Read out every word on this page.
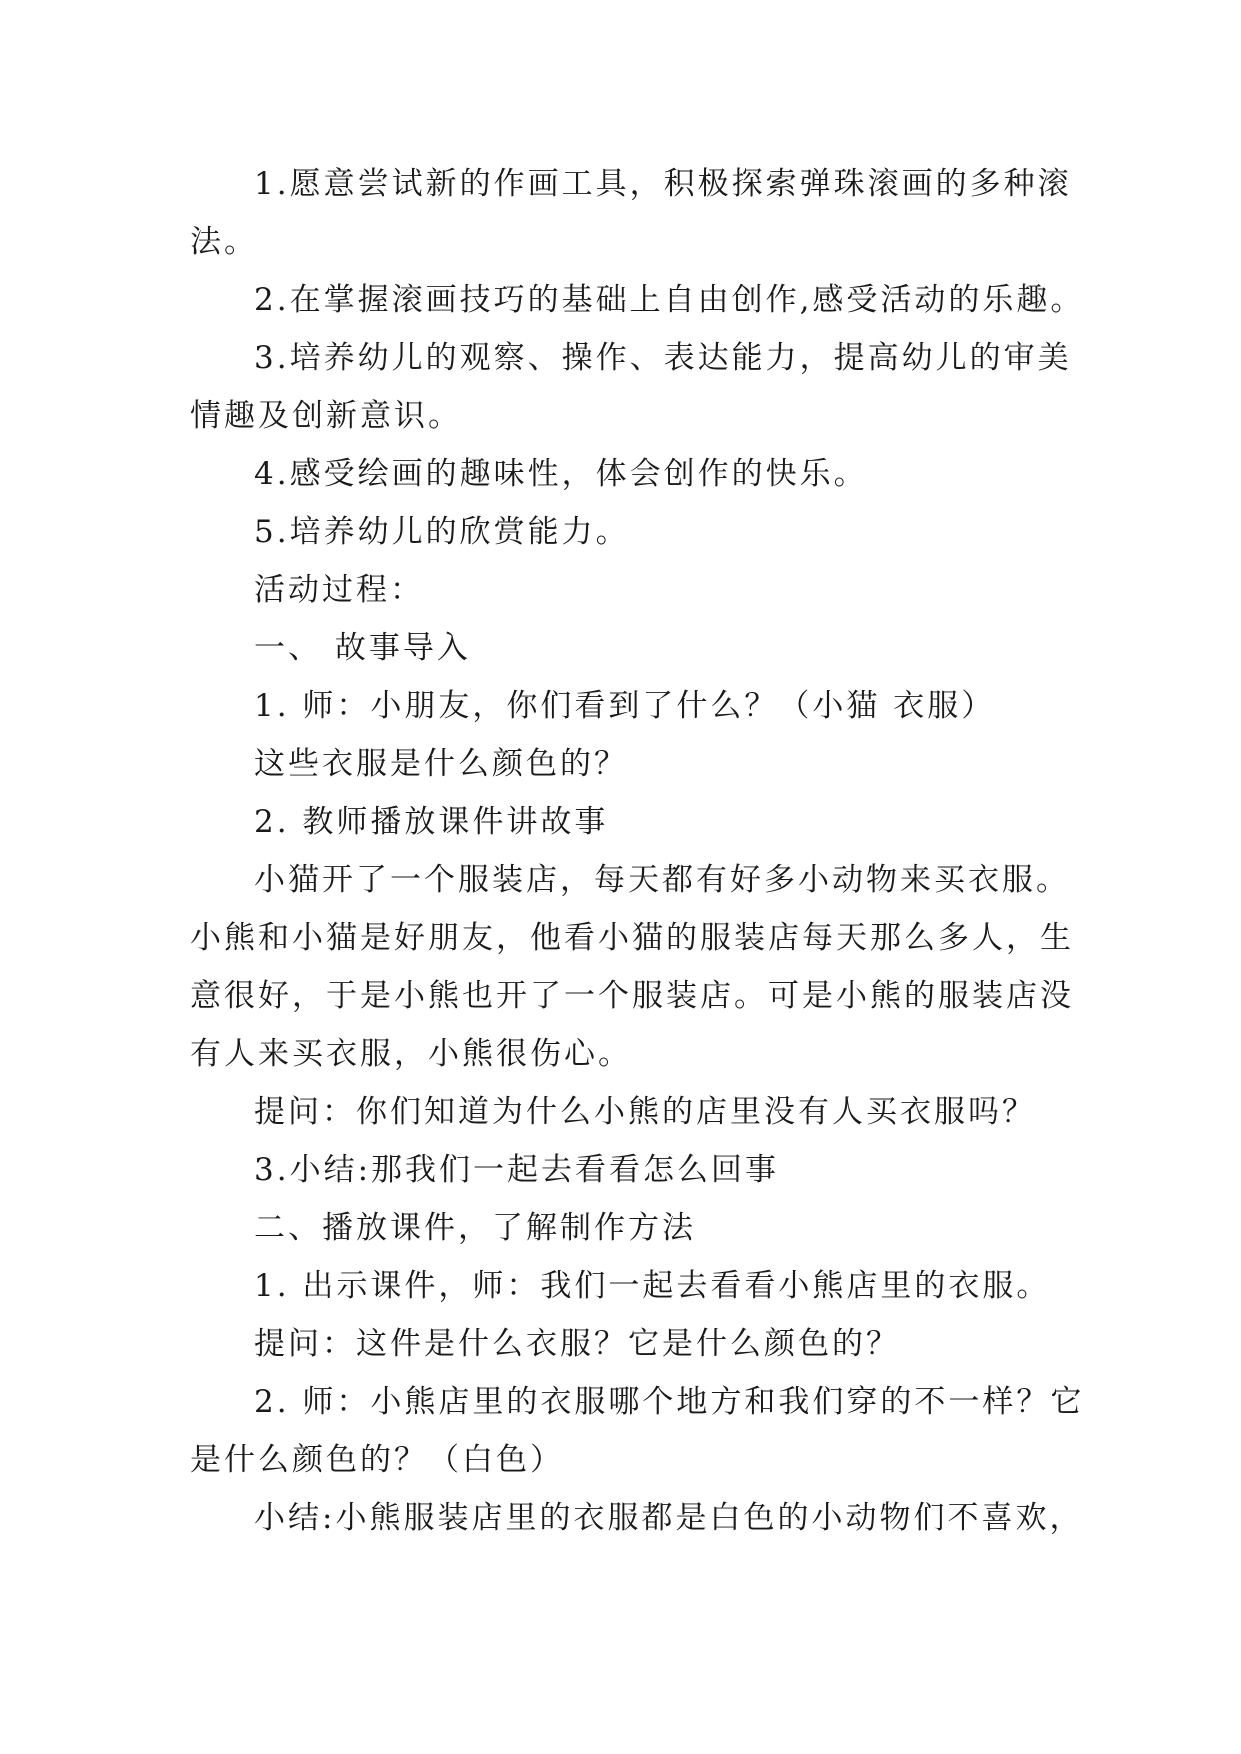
1.愿意尝试新的作画工具，积极探索弹珠滚画的多种滚法。

2.在掌握滚画技巧的基础上自由创作,感受活动的乐趣。

3.培养幼儿的观察、操作、表达能力，提高幼儿的审美情趣及创新意识。

4.感受绘画的趣味性，体会创作的快乐。

5.培养幼儿的欣赏能力。

活动过程：

一、 故事导入

1. 师：小朋友，你们看到了什么？（小猫 衣服）

这些衣服是什么颜色的？

2. 教师播放课件讲故事

小猫开了一个服装店，每天都有好多小动物来买衣服。小熊和小猫是好朋友，他看小猫的服装店每天那么多人，生意很好，于是小熊也开了一个服装店。可是小熊的服装店没有人来买衣服，小熊很伤心。

提问：你们知道为什么小熊的店里没有人买衣服吗？

3.小结:那我们一起去看看怎么回事

二、播放课件，了解制作方法

1. 出示课件，师：我们一起去看看小熊店里的衣服。

提问：这件是什么衣服？它是什么颜色的？

2. 师：小熊店里的衣服哪个地方和我们穿的不一样？它是什么颜色的？（白色）

小结:小熊服装店里的衣服都是白色的小动物们不喜欢，
